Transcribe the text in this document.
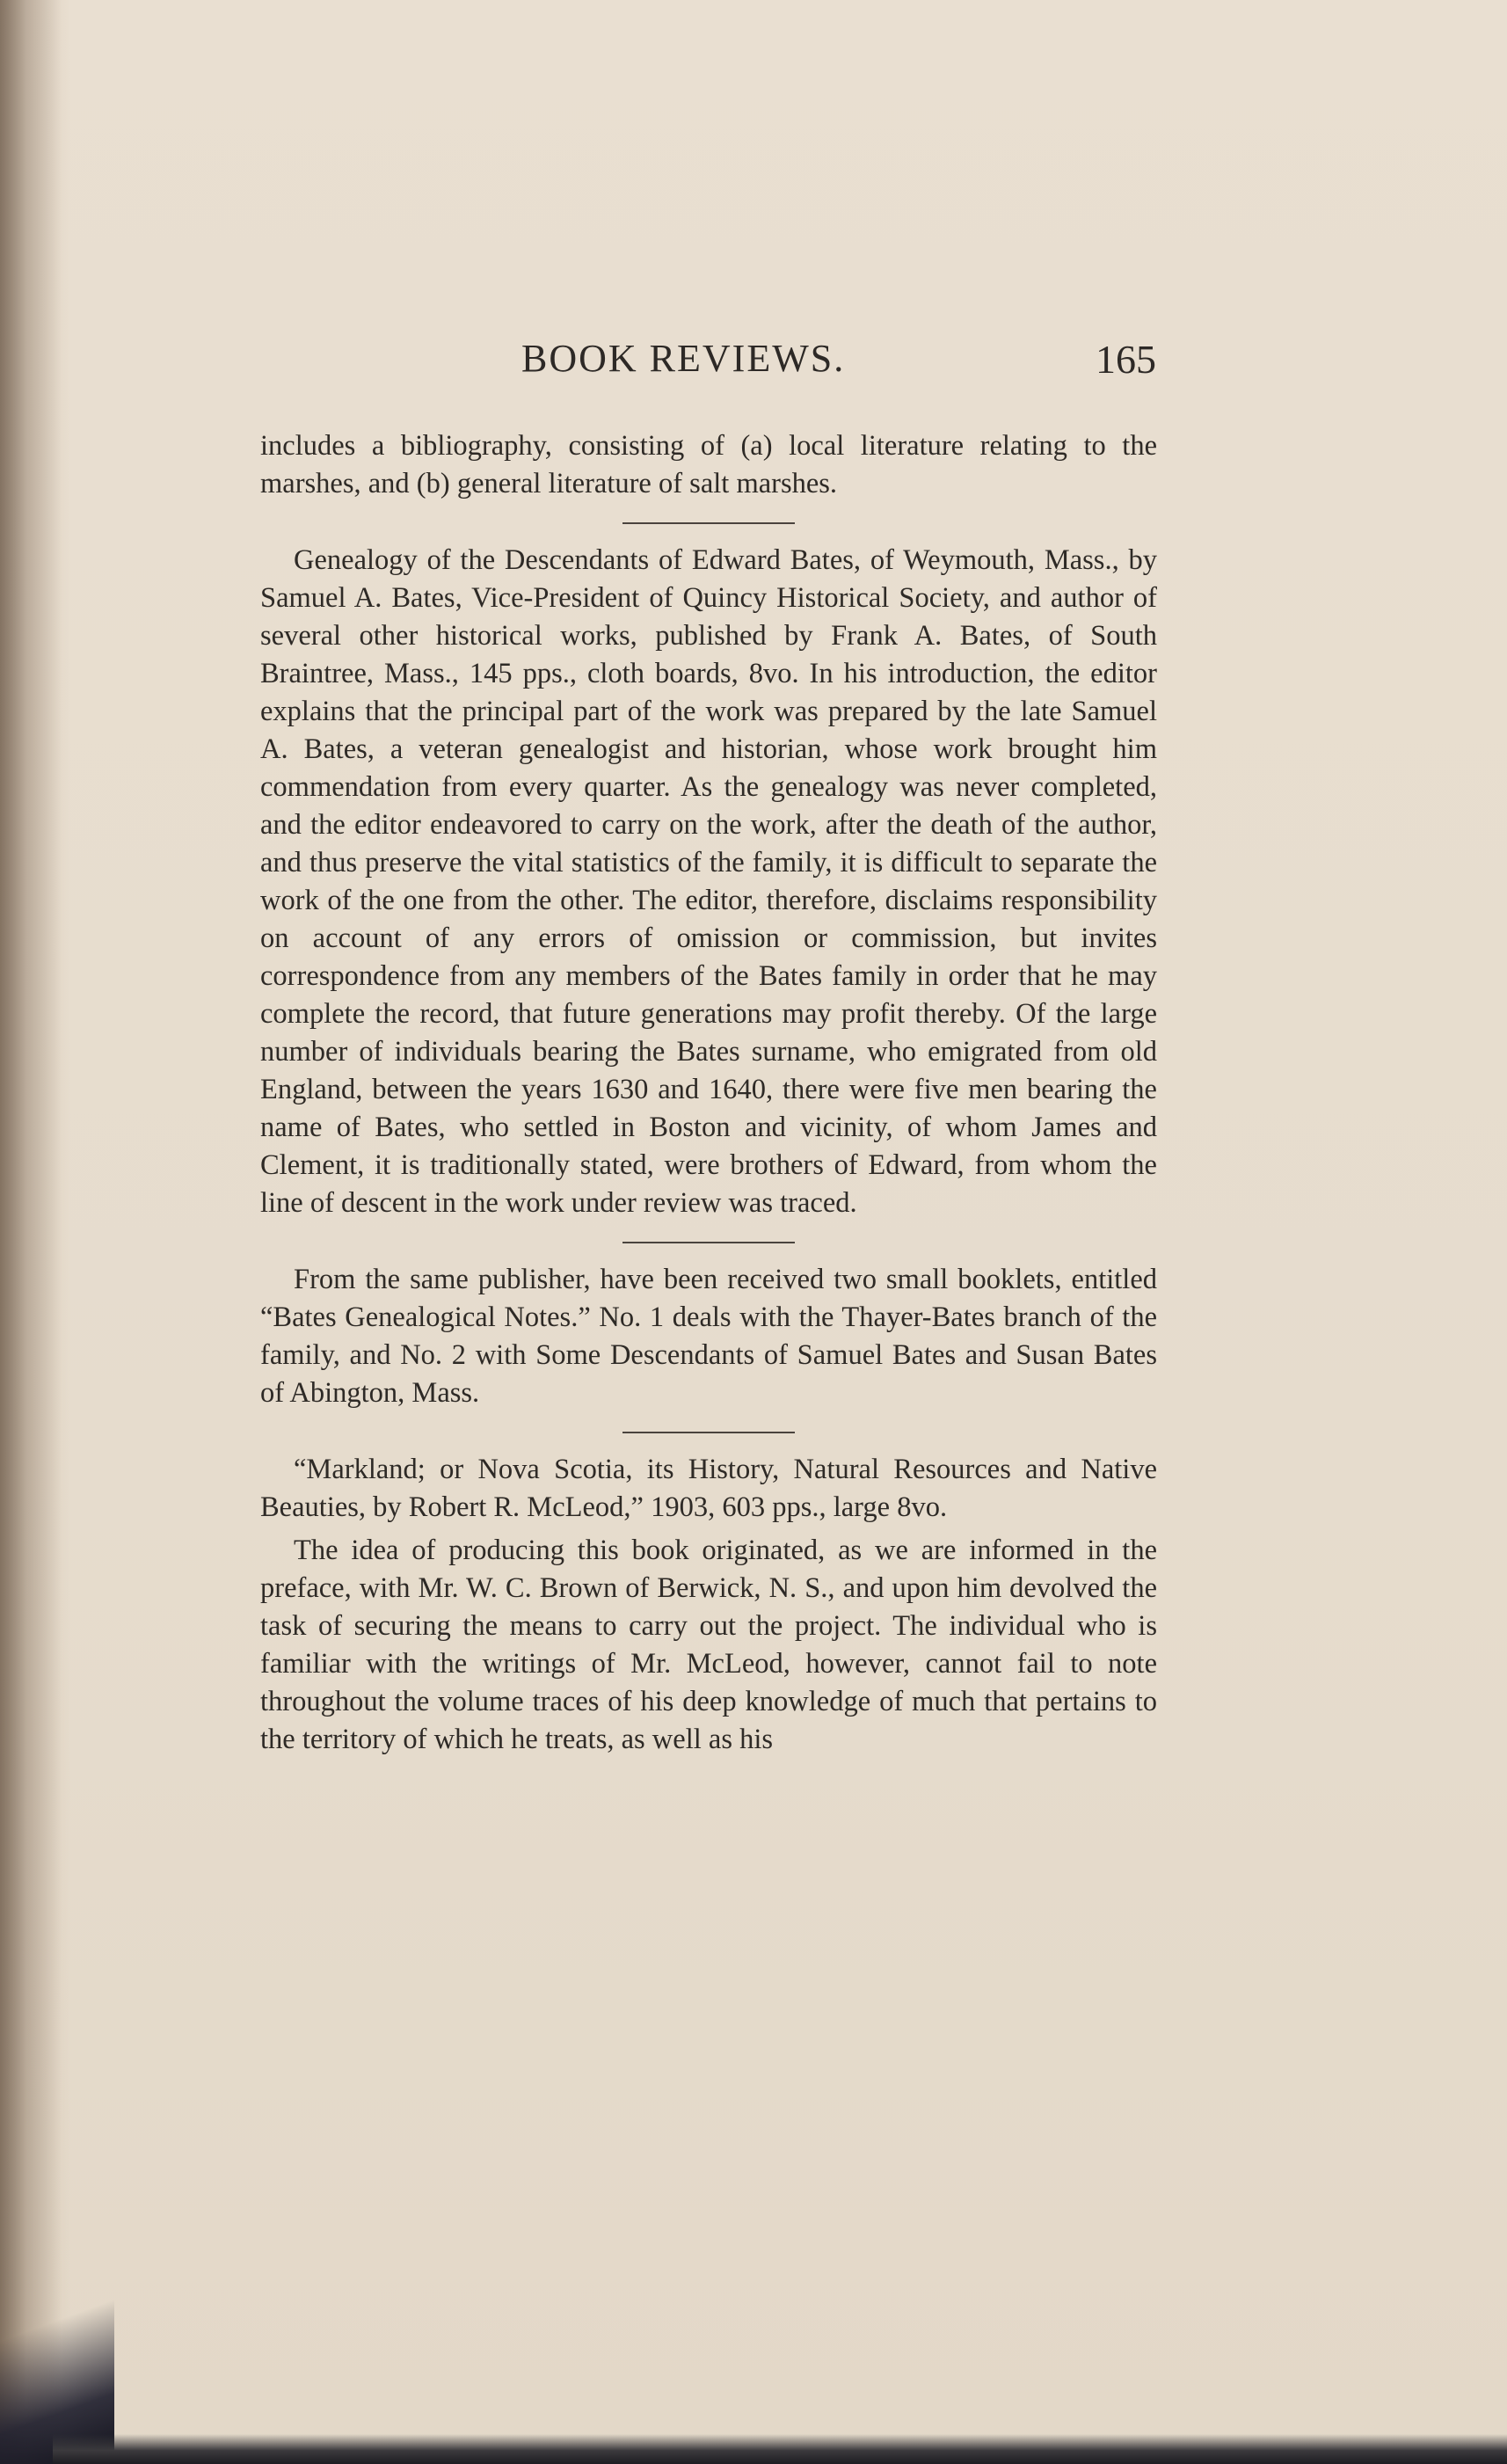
BOOK REVIEWS.	165

includes a bibliography, consisting of (a) local literature relating to the marshes, and (b) general literature of salt marshes.

Genealogy of the Descendants of Edward Bates, of Weymouth, Mass., by Samuel A. Bates, Vice-President of Quincy Historical Society, and author of several other historical works, published by Frank A. Bates, of South Braintree, Mass., 145 pps., cloth boards, 8vo. In his introduction, the editor explains that the principal part of the work was prepared by the late Samuel A. Bates, a veteran genealogist and historian, whose work brought him commendation from every quarter. As the genealogy was never completed, and the editor endeavored to carry on the work, after the death of the author, and thus preserve the vital statistics of the family, it is difficult to separate the work of the one from the other. The editor, therefore, disclaims responsibility on account of any errors of omission or commission, but invites correspondence from any members of the Bates family in order that he may complete the record, that future generations may profit thereby. Of the large number of individuals bearing the Bates surname, who emigrated from old England, between the years 1630 and 1640, there were five men bearing the name of Bates, who settled in Boston and vicinity, of whom James and Clement, it is traditionally stated, were brothers of Edward, from whom the line of descent in the work under review was traced.

From the same publisher, have been received two small booklets, entitled “Bates Genealogical Notes.” No. 1 deals with the Thayer-Bates branch of the family, and No. 2 with Some Descendants of Samuel Bates and Susan Bates of Abington, Mass.

“Markland; or Nova Scotia, its History, Natural Resources and Native Beauties, by Robert R. McLeod,” 1903, 603 pps., large 8vo.

The idea of producing this book originated, as we are informed in the preface, with Mr. W. C. Brown of Berwick, N. S., and upon him devolved the task of securing the means to carry out the project. The individual who is familiar with the writings of Mr. McLeod, however, cannot fail to note throughout the volume traces of his deep knowledge of much that pertains to the territory of which he treats, as well as his
